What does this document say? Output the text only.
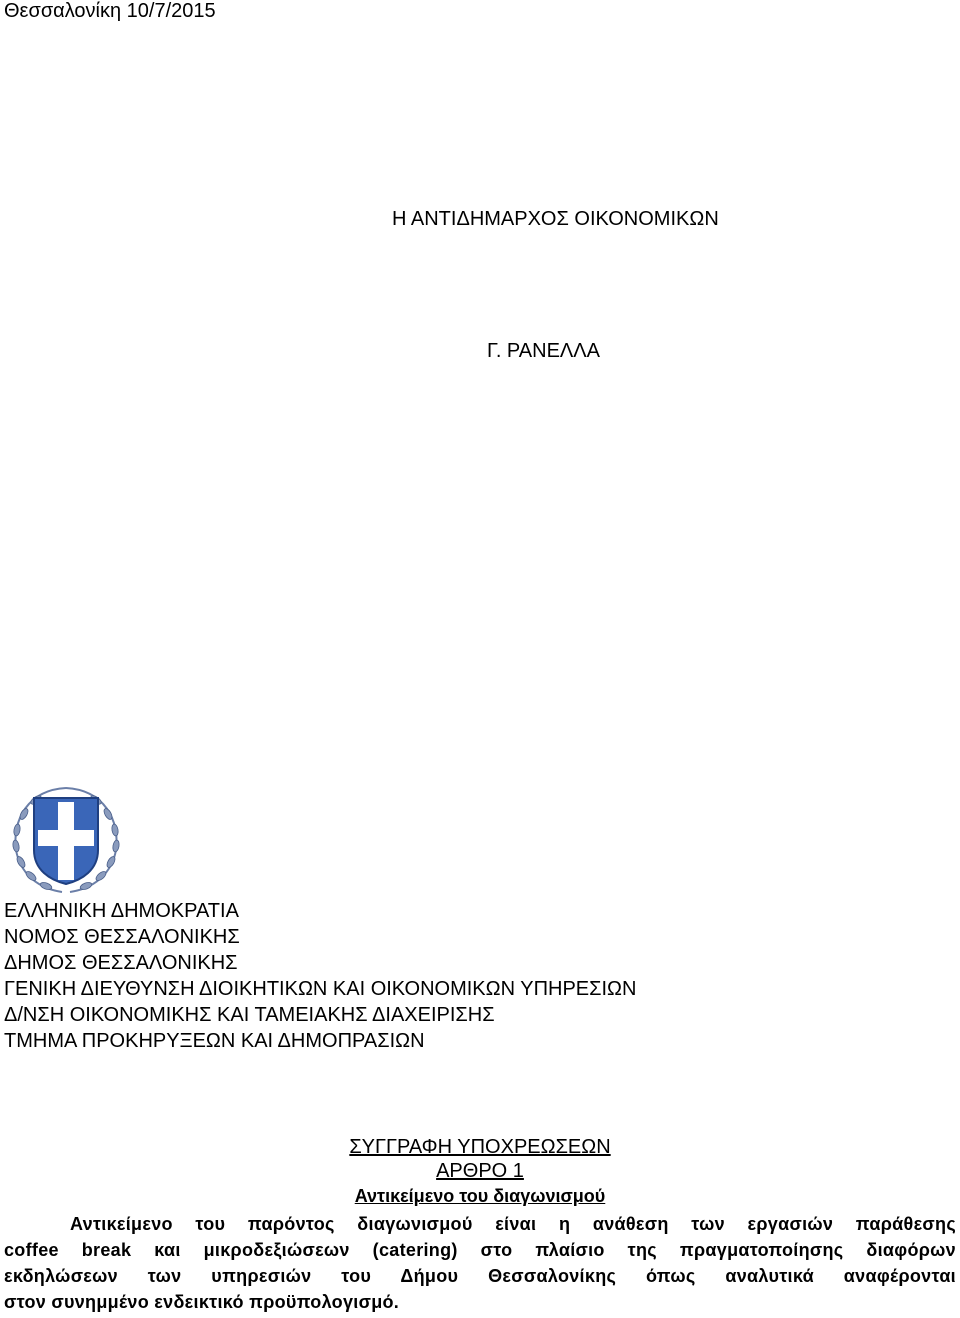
Θεσσαλονίκη 10/7/2015
Η ΑΝΤΙΔΗΜΑΡΧΟΣ ΟΙΚΟΝΟΜΙΚΩΝ
Γ. ΡΑΝΕΛΛΑ
ΕΛΛΗΝΙΚΗ ΔΗΜΟΚΡΑΤΙΑ
ΝΟΜΟΣ ΘΕΣΣΑΛΟΝΙΚΗΣ
ΔΗΜΟΣ ΘΕΣΣΑΛΟΝΙΚΗΣ
ΓΕΝΙΚΗ ΔΙΕΥΘΥΝΣΗ ΔΙΟΙΚΗΤΙΚΩΝ ΚΑΙ ΟΙΚΟΝΟΜΙΚΩΝ ΥΠΗΡΕΣΙΩΝ
Δ/ΝΣΗ ΟΙΚΟΝΟΜΙΚΗΣ ΚΑΙ ΤΑΜΕΙΑΚΗΣ ΔΙΑΧΕΙΡΙΣΗΣ
ΤΜΗΜΑ ΠΡΟΚΗΡΥΞΕΩΝ ΚΑΙ ΔΗΜΟΠΡΑΣΙΩΝ
ΣΥΓΓΡΑΦΗ ΥΠΟΧΡΕΩΣΕΩΝ
ΑΡΘΡΟ 1
Αντικείμενο του διαγωνισμού
Αντικείμενο του παρόντος διαγωνισμού είναι η ανάθεση των εργασιών παράθεσης
coffee break και μικροδεξιώσεων (catering) στο πλαίσιο της πραγματοποίησης διαφόρων
εκδηλώσεων των υπηρεσιών του Δήμου Θεσσαλονίκης όπως αναλυτικά αναφέρονται
στον συνημμένο ενδεικτικό προϋπολογισμό.
